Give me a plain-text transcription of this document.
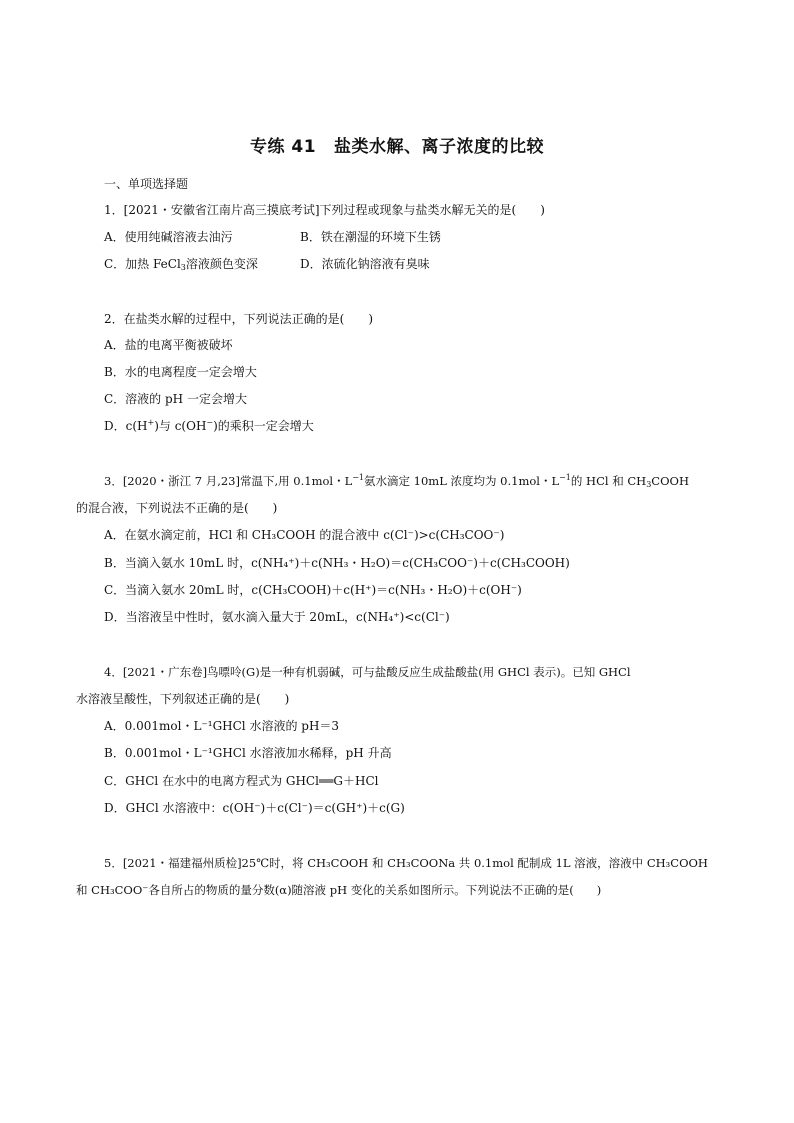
专练 41 盐类水解、离子浓度的比较
一、单项选择题
1．[2021・安徽省江南片高三摸底考试]下列过程或现象与盐类水解无关的是(　　)
A．使用纯碱溶液去油污	B．铁在潮湿的环境下生锈
C．加热 FeCl$_3$溶液颜色变深	D．浓硫化钠溶液有臭味
2．在盐类水解的过程中，下列说法正确的是(　　)
A．盐的电离平衡被破坏
B．水的电离程度一定会增大
C．溶液的 pH 一定会增大
D．c(H+)与 c(OH−)的乘积一定会增大
3．[2020・浙江 7 月,23]常温下,用 0.1mol・$L^{-1}$氨水滴定 10mL 浓度均为 0.1mol・$L^{-1}$的 HCl 和 $CH_3COOH$
的混合液，下列说法不正确的是(　　)
A．在氨水滴定前，HCl 和 CH₃COOH 的混合液中 c(Cl⁻)>c(CH₃COO⁻)
B．当滴入氨水 10mL 时，c(NH₄⁺)＋c(NH₃・H₂O)＝c(CH₃COO⁻)＋c(CH₃COOH)
C．当滴入氨水 20mL 时，c(CH₃COOH)＋c(H⁺)＝c(NH₃・H₂O)＋c(OH⁻)
D．当溶液呈中性时，氨水滴入量大于 20mL，c(NH₄⁺)<c(Cl⁻)
4．[2021・广东卷]鸟嘌呤(G)是一种有机弱碱，可与盐酸反应生成盐酸盐(用 GHCl 表示)。已知 GHCl
水溶液呈酸性，下列叙述正确的是(　　)
A．0.001mol・L⁻¹GHCl 水溶液的 pH＝3
B．0.001mol・L⁻¹GHCl 水溶液加水稀释，pH 升高
C．GHCl 在水中的电离方程式为 GHCl══G＋HCl
D．GHCl 水溶液中：c(OH⁻)＋c(Cl⁻)＝c(GH⁺)＋c(G)
5．[2021・福建福州质检]25℃时，将 CH₃COOH 和 CH₃COONa 共 0.1mol 配制成 1L 溶液，溶液中 CH₃COOH
和 CH₃COO⁻各自所占的物质的量分数(α)随溶液 pH 变化的关系如图所示。下列说法不正确的是(　　)
